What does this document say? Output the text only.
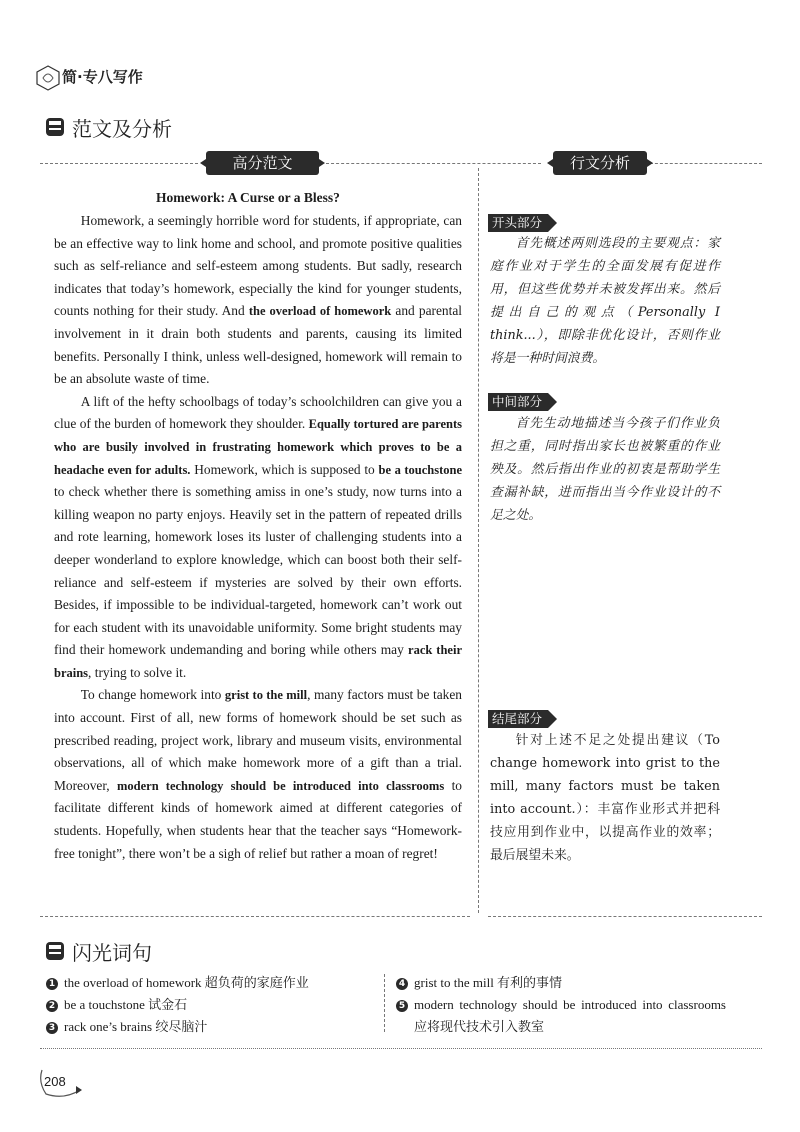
简·专八写作
范文及分析
高分范文	行文分析
Homework: A Curse or a Bless?

Homework, a seemingly horrible word for students, if appropriate, can be an effective way to link home and school, and promote positive qualities such as self-reliance and self-esteem among students. But sadly, research indicates that today’s homework, especially the kind for younger students, counts nothing for their study. And the overload of homework and parental involvement in it drain both students and parents, causing its limited benefits. Personally I think, unless well-designed, homework will remain to be an absolute waste of time.

A lift of the hefty schoolbags of today’s schoolchildren can give you a clue of the burden of homework they shoulder. Equally tortured are parents who are busily involved in frustrating homework which proves to be a headache even for adults. Homework, which is supposed to be a touchstone to check whether there is something amiss in one’s study, now turns into a killing weapon no party enjoys. Heavily set in the pattern of repeated drills and rote learning, homework loses its luster of challenging students into a deeper wonderland to explore knowledge, which can boost both their self-reliance and self-esteem if mysteries are solved by their own efforts. Besides, if impossible to be individual-targeted, homework can’t work out for each student with its unavoidable uniformity. Some bright students may find their homework undemanding and boring while others may rack their brains, trying to solve it.

To change homework into grist to the mill, many factors must be taken into account. First of all, new forms of homework should be set such as prescribed reading, project work, library and museum visits, environmental observations, all of which make homework more of a gift than a trial. Moreover, modern technology should be introduced into classrooms to facilitate different kinds of homework aimed at different categories of students. Hopefully, when students hear that the teacher says “Homework-free tonight”, there won’t be a sigh of relief but rather a moan of regret!

开头部分

首先概述两则选段的主要观点：家庭作业对于学生的全面发展有促进作用，但这些优势并未被发挥出来。然后提出自己的观点（Personally I think...），即除非优化设计，否则作业将是一种时间浪费。

中间部分

首先生动地描述当今孩子们作业负担之重，同时指出家长也被繁重的作业殃及。然后指出作业的初衷是帮助学生查漏补缺，进而指出当今作业设计的不足之处。

结尾部分

针对上述不足之处提出建议（To change homework into grist to the mill, many factors must be taken into account.）：丰富作业形式并把科技应用到作业中，以提高作业的效率；最后展望未来。

闪光词句
1 the overload of homework 超负荷的家庭作业
2 be a touchstone 试金石
3 rack one’s brains 绞尽脑汁
4 grist to the mill 有利的事情
5 modern technology should be introduced into classrooms 应将现代技术引入教室
208
